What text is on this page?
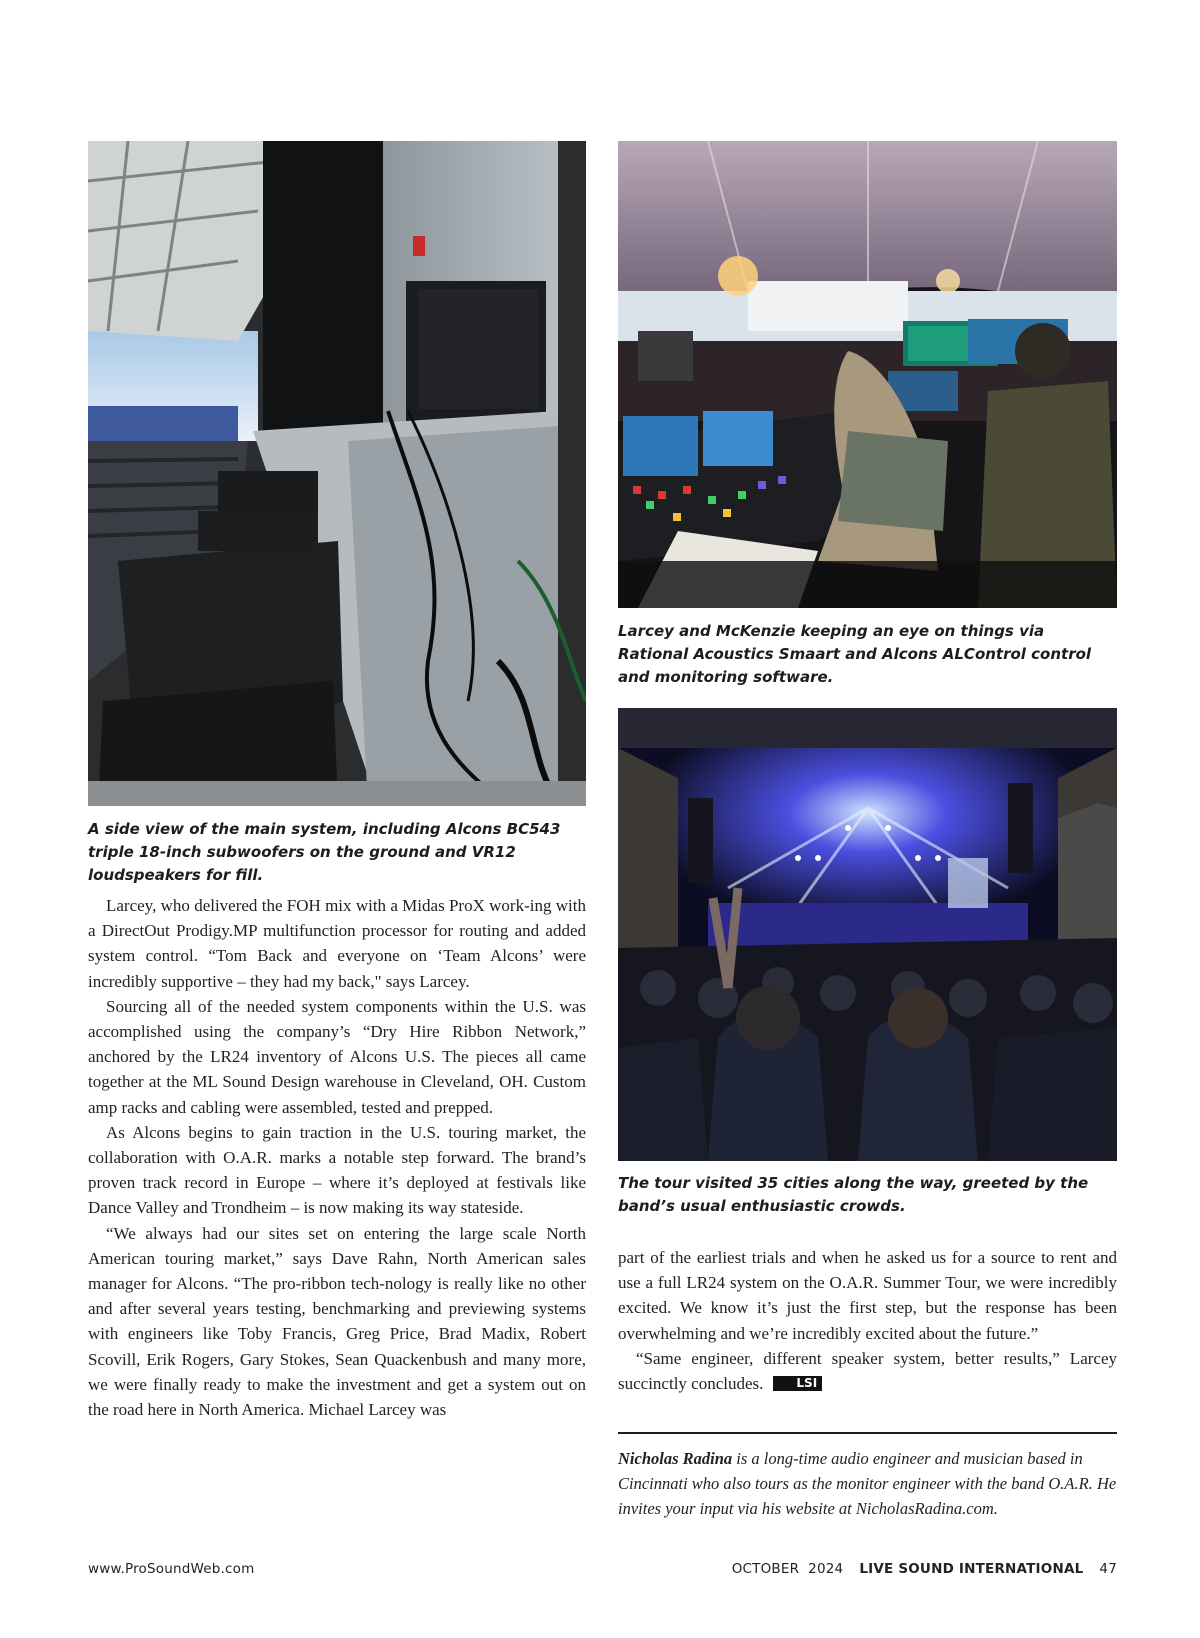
A side view of the main system, including Alcons BC543 triple 18-inch subwoofers on the ground and VR12 loudspeakers for fill.
Larcey and McKenzie keeping an eye on things via Rational Acoustics Smaart and Alcons ALControl control and monitoring software.
The tour visited 35 cities along the way, greeted by the band’s usual enthusiastic crowds.

Larcey, who delivered the FOH mix with a Midas ProX work-ing with a DirectOut Prodigy.MP multifunction processor for routing and added system control. “Tom Back and everyone on ‘Team Alcons’ were incredibly supportive – they had my back," says Larcey.

Sourcing all of the needed system components within the U.S. was accomplished using the company’s “Dry Hire Ribbon Network,” anchored by the LR24 inventory of Alcons U.S. The pieces all came together at the ML Sound Design warehouse in Cleveland, OH. Custom amp racks and cabling were assembled, tested and prepped.

As Alcons begins to gain traction in the U.S. touring market, the collaboration with O.A.R. marks a notable step forward. The brand’s proven track record in Europe – where it’s deployed at festivals like Dance Valley and Trondheim – is now making its way stateside.

“We always had our sites set on entering the large scale North American touring market,” says Dave Rahn, North American sales manager for Alcons. “The pro-ribbon tech-nology is really like no other and after several years testing, benchmarking and previewing systems with engineers like Toby Francis, Greg Price, Brad Madix, Robert Scovill, Erik Rogers, Gary Stokes, Sean Quackenbush and many more, we were finally ready to make the investment and get a system out on the road here in North America. Michael Larcey was

part of the earliest trials and when he asked us for a source to rent and use a full LR24 system on the O.A.R. Summer Tour, we were incredibly excited. We know it’s just the first step, but the response has been overwhelming and we’re incredibly excited about the future.”

“Same engineer, different speaker system, better results,” Larcey succinctly concludes.	LSI

Nicholas Radina is a long-time audio engineer and musician based in Cincinnati who also tours as the monitor engineer with the band O.A.R. He invites your input via his website at NicholasRadina.com.

www.ProSoundWeb.com	OCTOBER  2024 LIVE SOUND INTERNATIONAL 47
